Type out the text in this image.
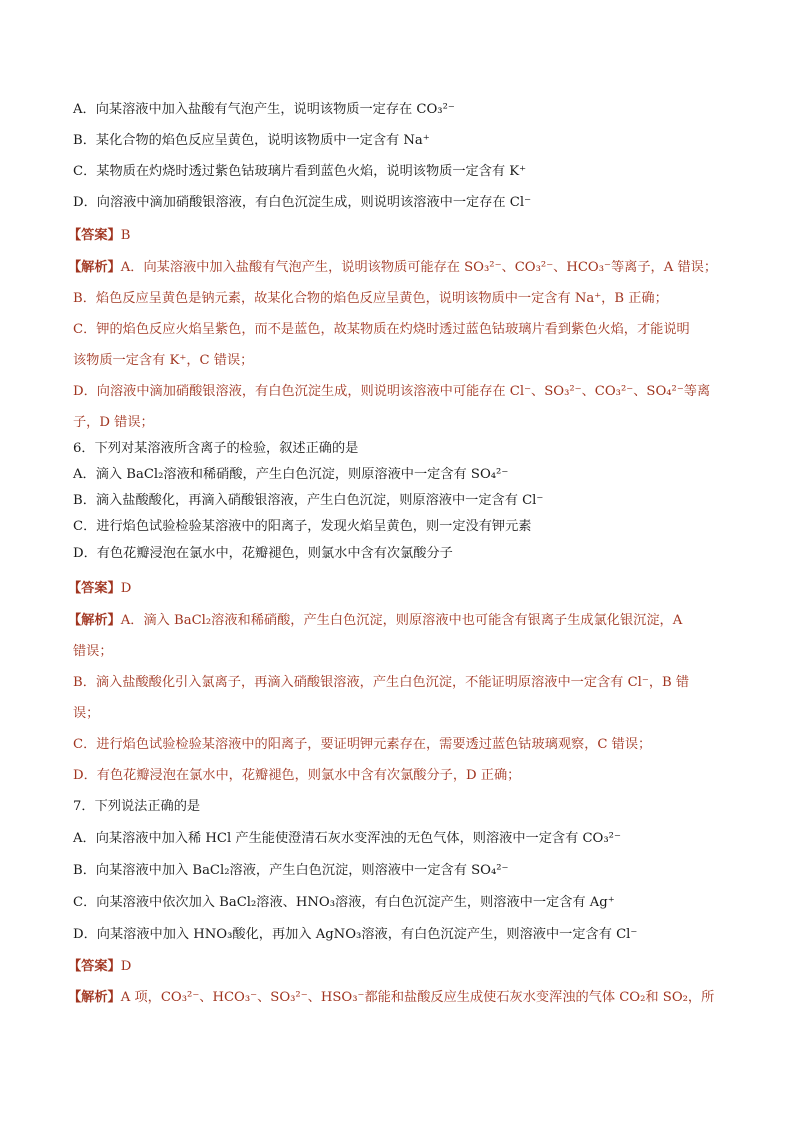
A．向某溶液中加入盐酸有气泡产生，说明该物质一定存在 CO₃²⁻
B．某化合物的焰色反应呈黄色，说明该物质中一定含有 Na⁺
C．某物质在灼烧时透过紫色钴玻璃片看到蓝色火焰，说明该物质一定含有 K⁺
D．向溶液中滴加硝酸银溶液，有白色沉淀生成，则说明该溶液中一定存在 Cl⁻
【答案】B
【解析】A．向某溶液中加入盐酸有气泡产生，说明该物质可能存在 SO₃²⁻、CO₃²⁻、HCO₃⁻等离子，A 错误；
B．焰色反应呈黄色是钠元素，故某化合物的焰色反应呈黄色，说明该物质中一定含有 Na⁺，B 正确；
C．钾的焰色反应火焰呈紫色，而不是蓝色，故某物质在灼烧时透过蓝色钴玻璃片看到紫色火焰，才能说明
该物质一定含有 K⁺，C 错误；
D．向溶液中滴加硝酸银溶液，有白色沉淀生成，则说明该溶液中可能存在 Cl⁻、SO₃²⁻、CO₃²⁻、SO₄²⁻等离
子，D 错误；
6．下列对某溶液所含离子的检验，叙述正确的是
A．滴入 BaCl₂溶液和稀硝酸，产生白色沉淀，则原溶液中一定含有 SO₄²⁻
B．滴入盐酸酸化，再滴入硝酸银溶液，产生白色沉淀，则原溶液中一定含有 Cl⁻
C．进行焰色试验检验某溶液中的阳离子，发现火焰呈黄色，则一定没有钾元素
D．有色花瓣浸泡在氯水中，花瓣褪色，则氯水中含有次氯酸分子
【答案】D
【解析】A．滴入 BaCl₂溶液和稀硝酸，产生白色沉淀，则原溶液中也可能含有银离子生成氯化银沉淀，A
错误；
B．滴入盐酸酸化引入氯离子，再滴入硝酸银溶液，产生白色沉淀，不能证明原溶液中一定含有 Cl⁻，B 错
误；
C．进行焰色试验检验某溶液中的阳离子，要证明钾元素存在，需要透过蓝色钴玻璃观察，C 错误；
D．有色花瓣浸泡在氯水中，花瓣褪色，则氯水中含有次氯酸分子，D 正确；
7．下列说法正确的是
A．向某溶液中加入稀 HCl 产生能使澄清石灰水变浑浊的无色气体，则溶液中一定含有 CO₃²⁻
B．向某溶液中加入 BaCl₂溶液，产生白色沉淀，则溶液中一定含有 SO₄²⁻
C．向某溶液中依次加入 BaCl₂溶液、HNO₃溶液，有白色沉淀产生，则溶液中一定含有 Ag⁺
D．向某溶液中加入 HNO₃酸化，再加入 AgNO₃溶液，有白色沉淀产生，则溶液中一定含有 Cl⁻
【答案】D
【解析】A 项，CO₃²⁻、HCO₃⁻、SO₃²⁻、HSO₃⁻都能和盐酸反应生成使石灰水变浑浊的气体 CO₂和 SO₂，所
